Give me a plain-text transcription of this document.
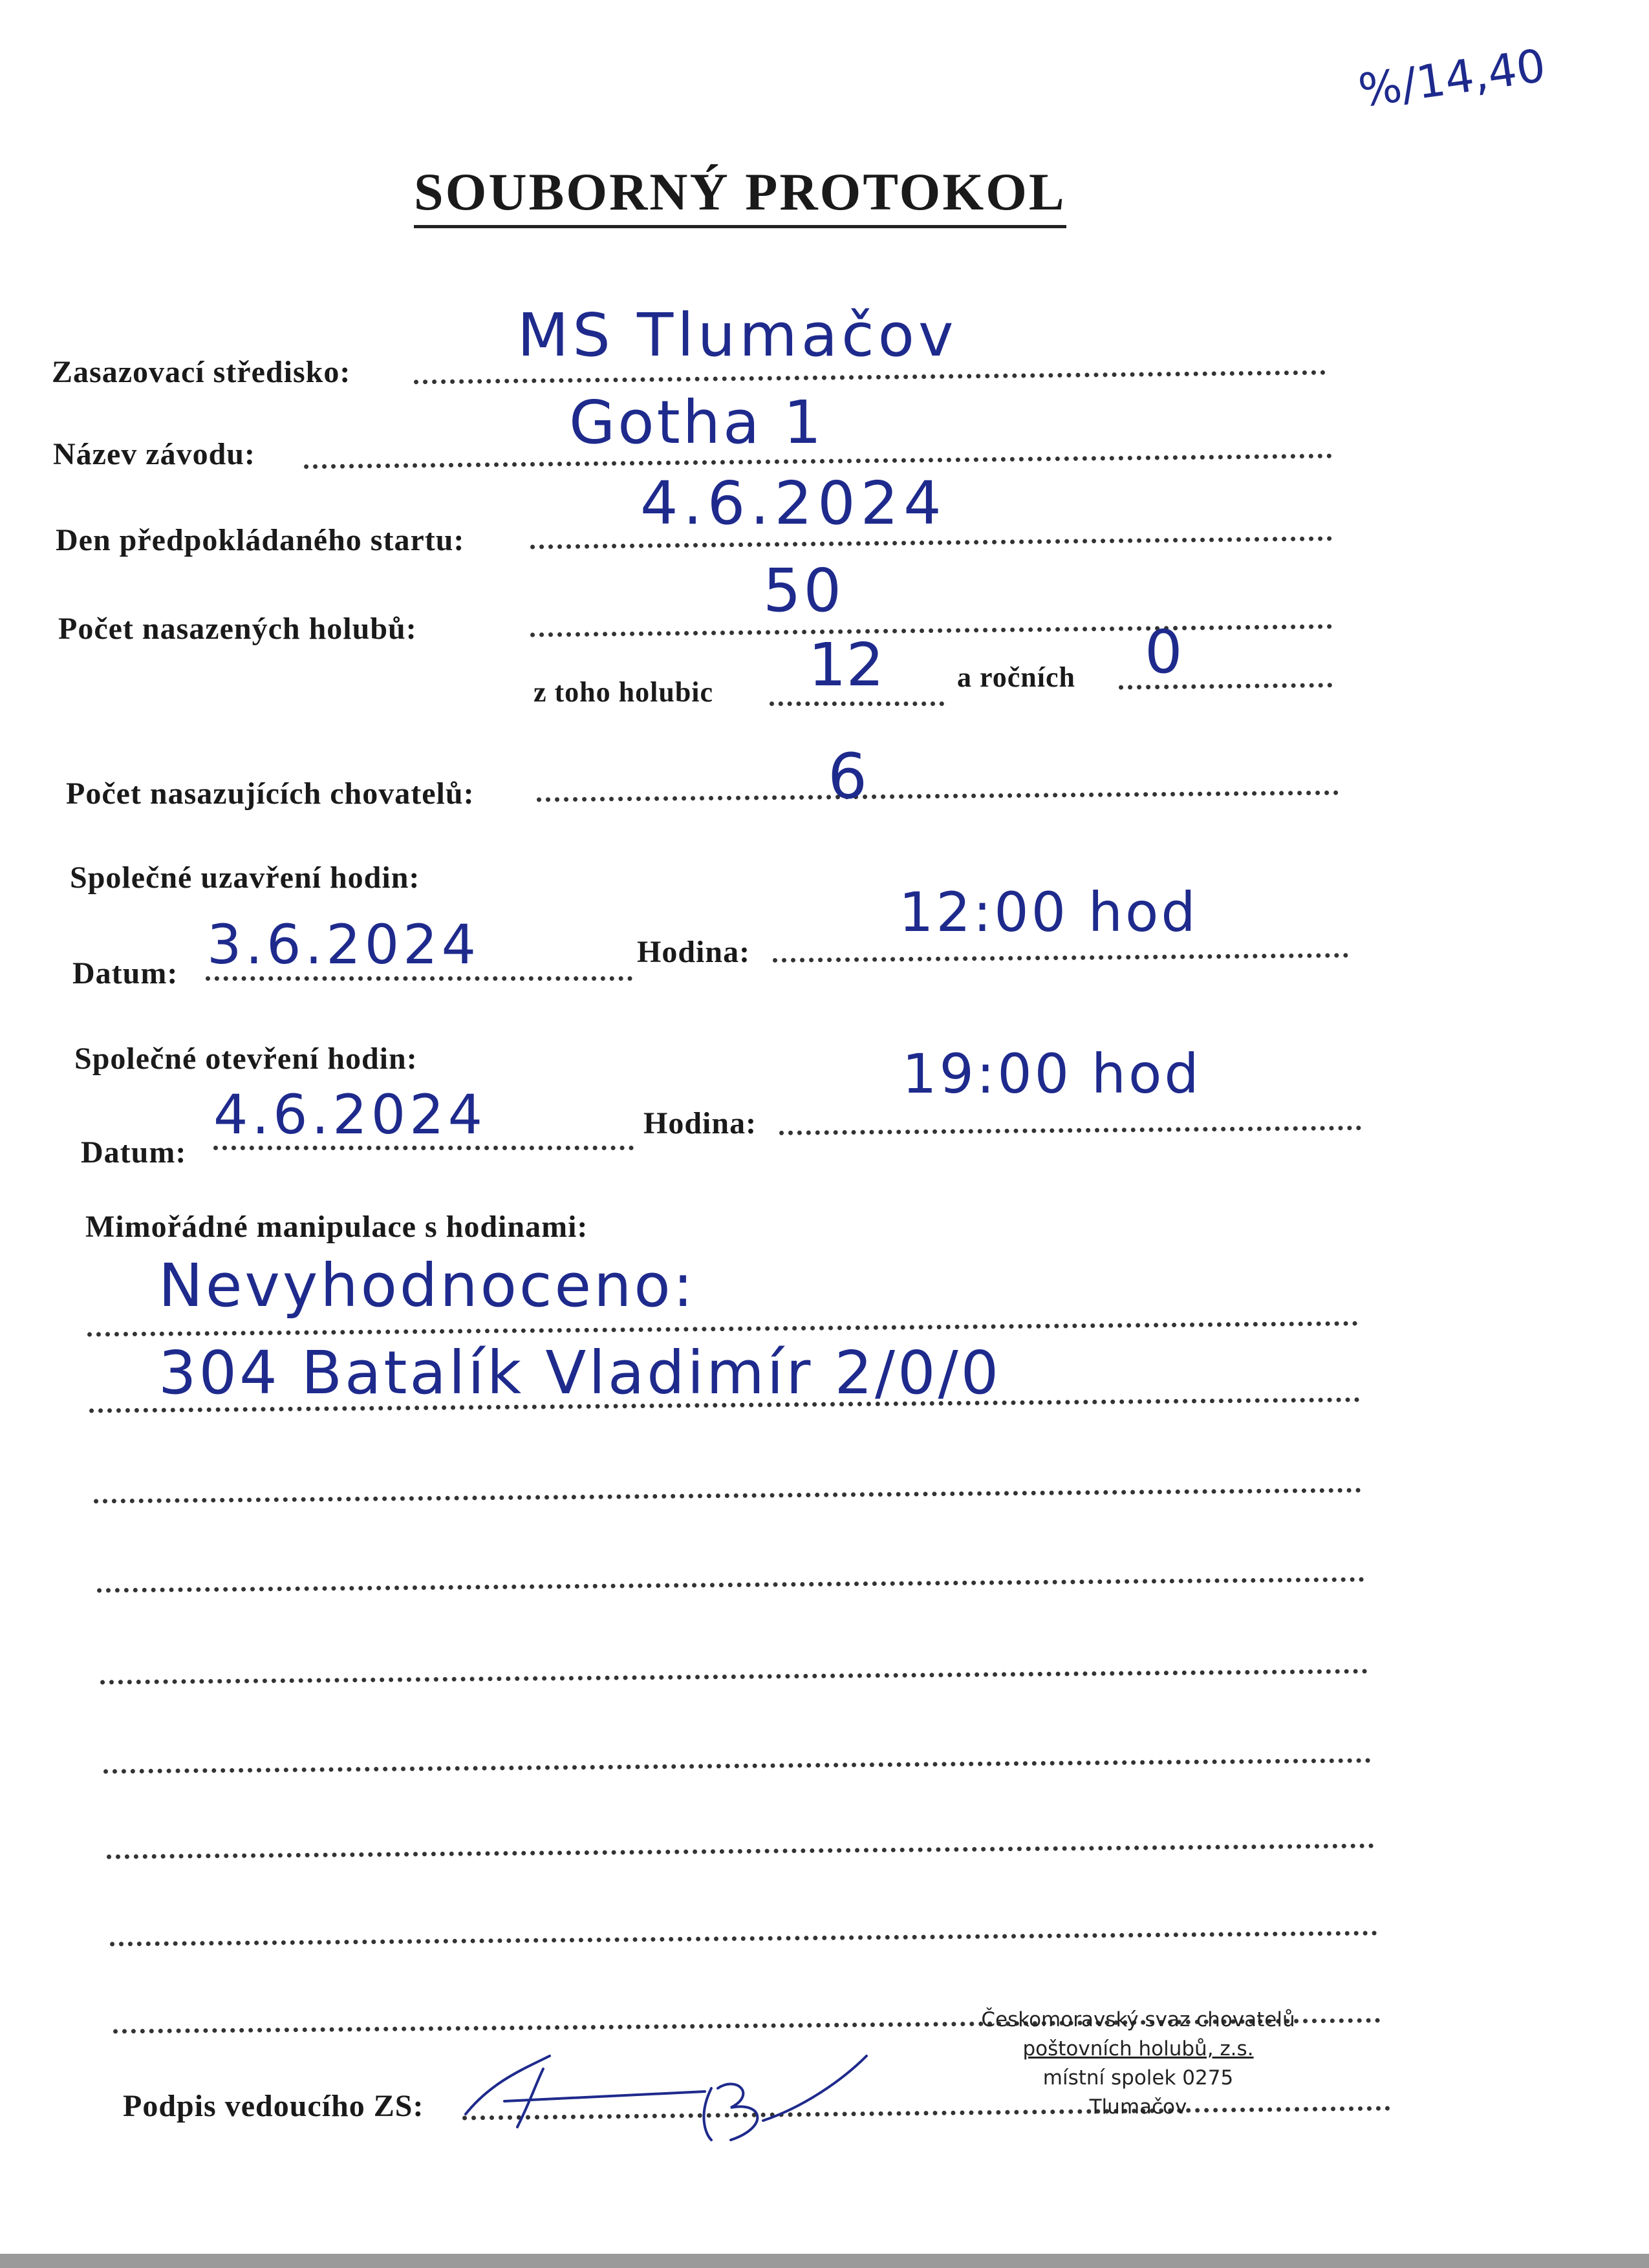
%/14,40
SOUBORNÝ PROTOKOL
Zasazovací středisko:
MS Tlumačov
Název závodu:	Gotha 1
Den předpokládaného startu:
4.6.2024
Počet nasazených holubů:
50
z toho holubic 12	a ročních 0
Počet nasazujících chovatelů:	6
Společné uzavření hodin:
Datum: 3.6.2024	Hodina:
12:00 hod
Společné otevření hodin:
Datum:
4.6.2024	Hodina:
19:00 hod
Mimořádné manipulace s hodinami:
Nevyhodnoceno:
304 Batalík Vladimír 2/0/0
Podpis vedoucího ZS:
Českomoravský svaz chovatelů
poštovních holubů, z.s.
místní spolek 0275
Tlumačov
